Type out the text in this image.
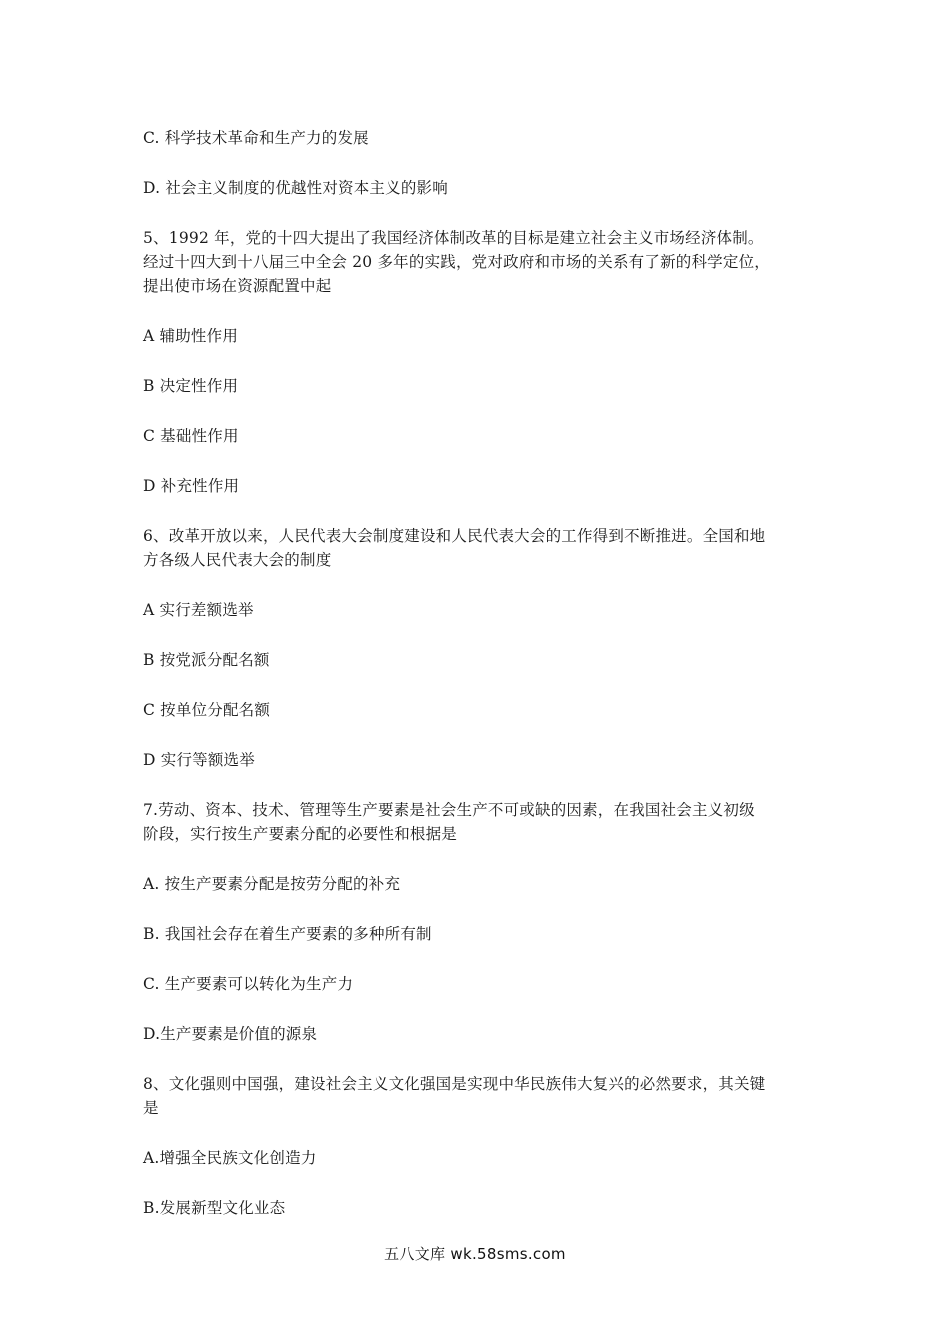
C. 科学技术革命和生产力的发展
D. 社会主义制度的优越性对资本主义的影响
5、1992 年，党的十四大提出了我国经济体制改革的目标是建立社会主义市场经济体制。
经过十四大到十八届三中全会 20 多年的实践，党对政府和市场的关系有了新的科学定位，
提出使市场在资源配置中起
A 辅助性作用
B 决定性作用
C 基础性作用
D 补充性作用
6、改革开放以来，人民代表大会制度建设和人民代表大会的工作得到不断推进。全国和地
方各级人民代表大会的制度
A 实行差额选举
B 按党派分配名额
C 按单位分配名额
D 实行等额选举
7.劳动、资本、技术、管理等生产要素是社会生产不可或缺的因素，在我国社会主义初级
阶段，实行按生产要素分配的必要性和根据是
A. 按生产要素分配是按劳分配的补充
B. 我国社会存在着生产要素的多种所有制
C. 生产要素可以转化为生产力
D.生产要素是价值的源泉
8、文化强则中国强，建设社会主义文化强国是实现中华民族伟大复兴的必然要求，其关键
是
A.增强全民族文化创造力
B.发展新型文化业态
五八文库 wk.58sms.com
